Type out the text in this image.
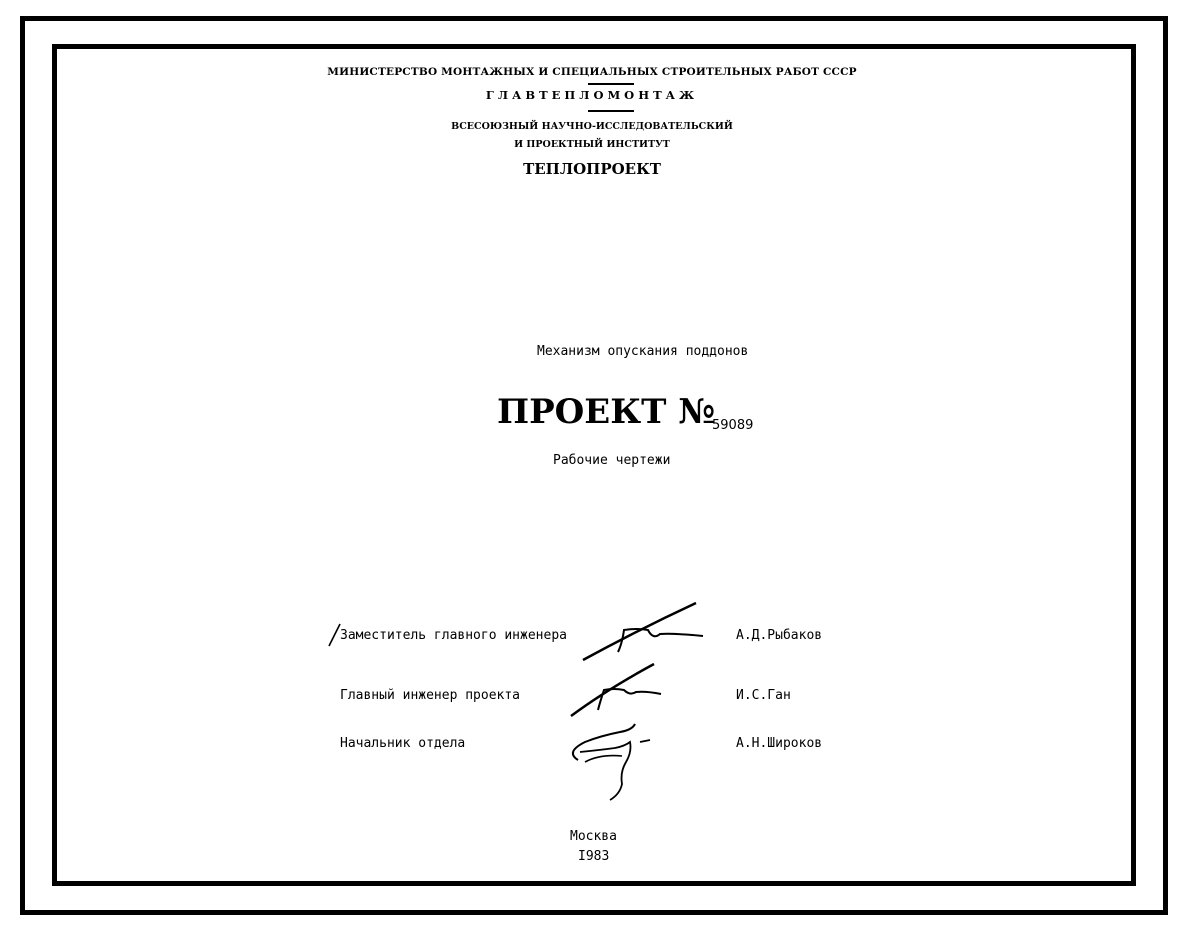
МИНИСТЕРСТВО МОНТАЖНЫХ И СПЕЦИАЛЬНЫХ СТРОИТЕЛЬНЫХ РАБОТ СССР
ГЛАВТЕПЛОМОНТАЖ
ВСЕСОЮЗНЫЙ НАУЧНО-ИССЛЕДОВАТЕЛЬСКИЙ
И ПРОЕКТНЫЙ ИНСТИТУТ
ТЕПЛОПРОЕКТ
Механизм опускания поддонов
ПРОЕКТ №
59089
Рабочие чертежи
Заместитель главного инженера	А.Д.Рыбаков
Главный инженер проекта	И.С.Ган
Начальник отдела	А.Н.Широков
Москва
I983
